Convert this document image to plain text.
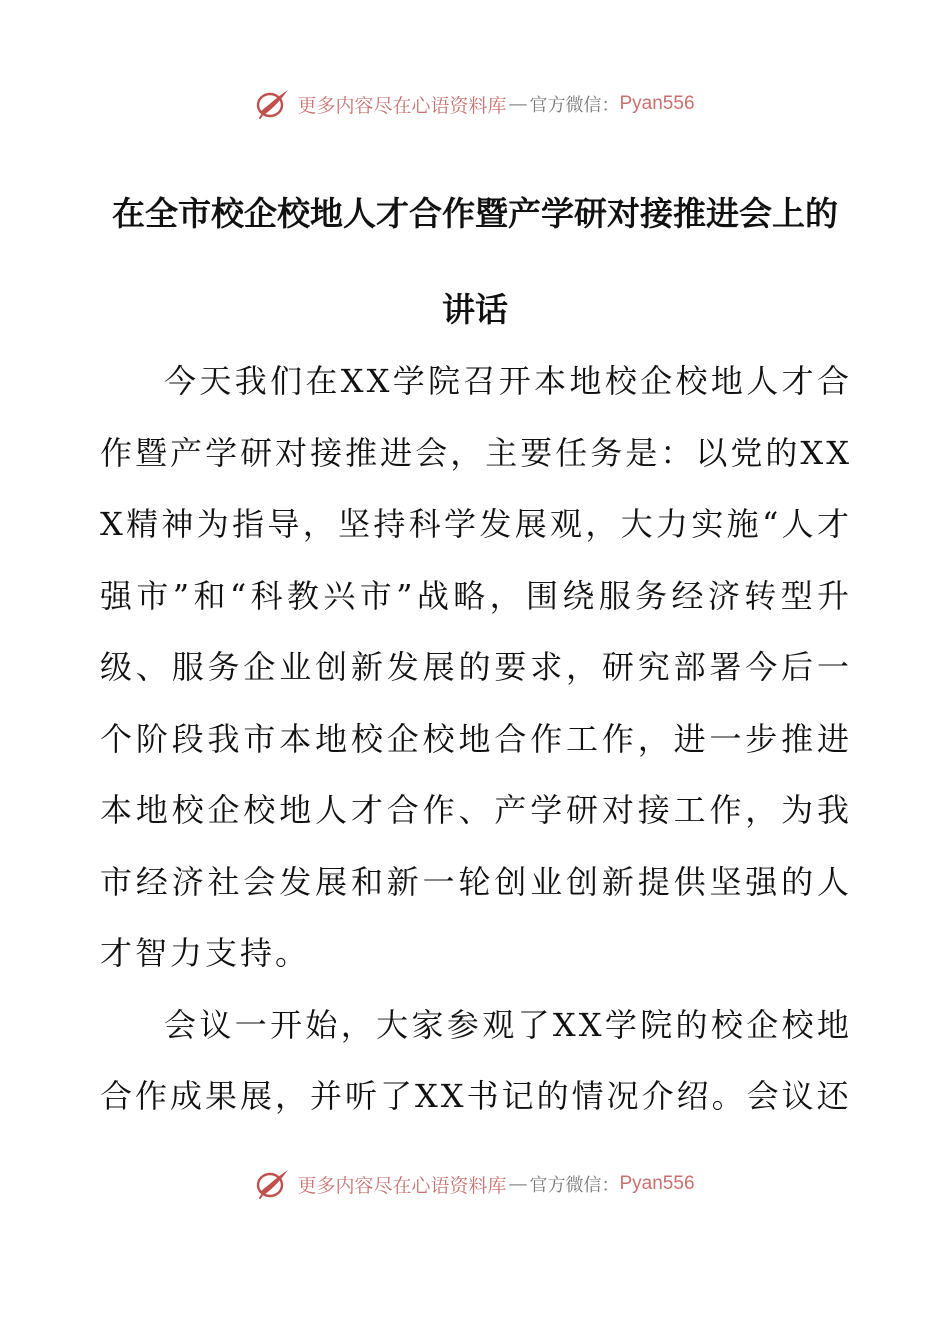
更多内容尽在心语资料库 — 官方微信： Pyan556
在全市校企校地人才合作暨产学研对接推进会上的讲话

今天我们在XX学院召开本地校企校地人才合作暨产学研对接推进会，主要任务是：以党的XXX精神为指导，坚持科学发展观，大力实施“人才强市”和“科教兴市”战略，围绕服务经济转型升级、服务企业创新发展的要求，研究部署今后一个阶段我市本地校企校地合作工作，进一步推进本地校企校地人才合作、产学研对接工作，为我市经济社会发展和新一轮创业创新提供坚强的人才智力支持。

会议一开始，大家参观了XX学院的校企校地合作成果展，并听了XX书记的情况介绍。会议还

更多内容尽在心语资料库 — 官方微信： Pyan556
